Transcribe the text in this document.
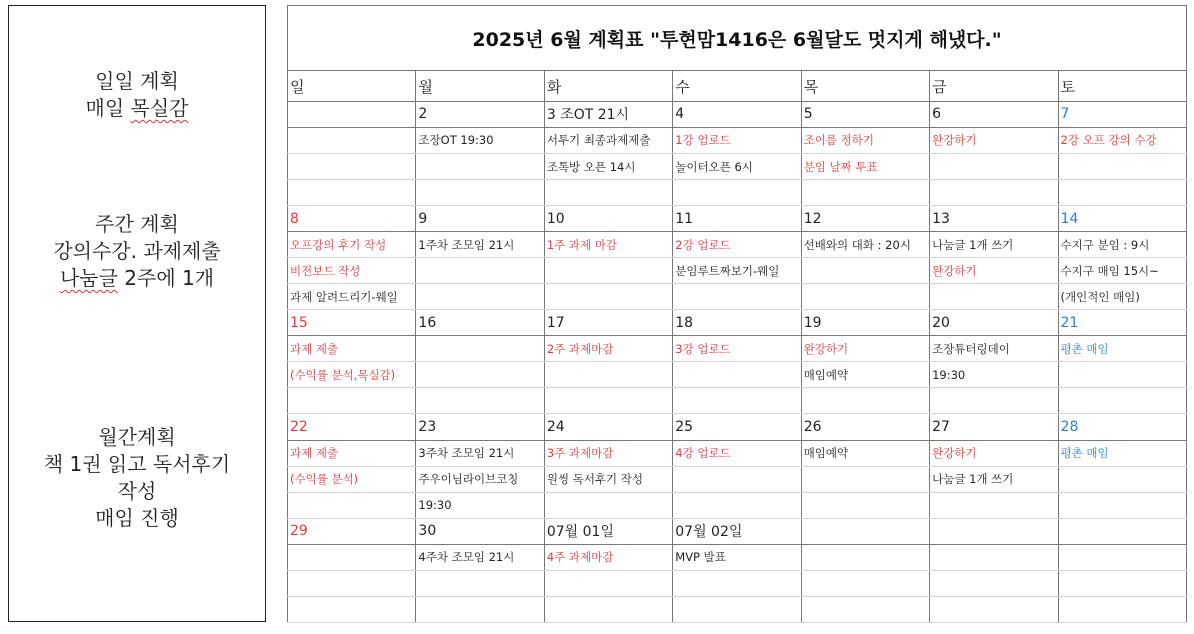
일일 계획
매일 목실감
주간 계획
강의수강. 과제제출
나눔글 2주에 1개
월간계획
책 1권 읽고 독서후기
작성
매임 진행
2025년 6월 계획표 "투현맘1416은 6월달도 멋지게 해냈다."						
일	월	화	수	목	금	토
	2	3 조OT 21시	4	5	6	7
	조장OT 19:30	서투기 최종과제제출	1강 업로드	조이름 정하기	완강하기	2강 오프 강의 수강
		조톡방 오픈 14시	놀이터오픈 6시	분임 날짜 투표		

8	9	10	11	12	13	14
오프강의 후기 작성	1주차 조모임 21시	1주 과제 마감	2강 업로드	선배와의 대화 : 20시	나눔글 1개 쓰기	수지구 분임 : 9시
비전보드 작성			분임루트짜보기-웨일		완강하기	수지구 매임 15시~
과제 알려드리기-웨일						(개인적인 매임)
15	16	17	18	19	20	21
과제 제출		2주 과제마감	3강 업로드	완강하기	조장튜터링데이	평촌 매임
(수익률 분석,목실감)				매임예약	19:30	

22	23	24	25	26	27	28
과제 제출	3주차 조모임 21시	3주 과제마감	4강 업로드	매임예약	완강하기	평촌 매임
(수익률 분석)	주우이님라이브코칭	원씽 독서후기 작성			나눔글 1개 쓰기	
	19:30					
29	30	07월 01일	07월 02일			
	4주차 조모임 21시	4주 과제마감	MVP 발표			
